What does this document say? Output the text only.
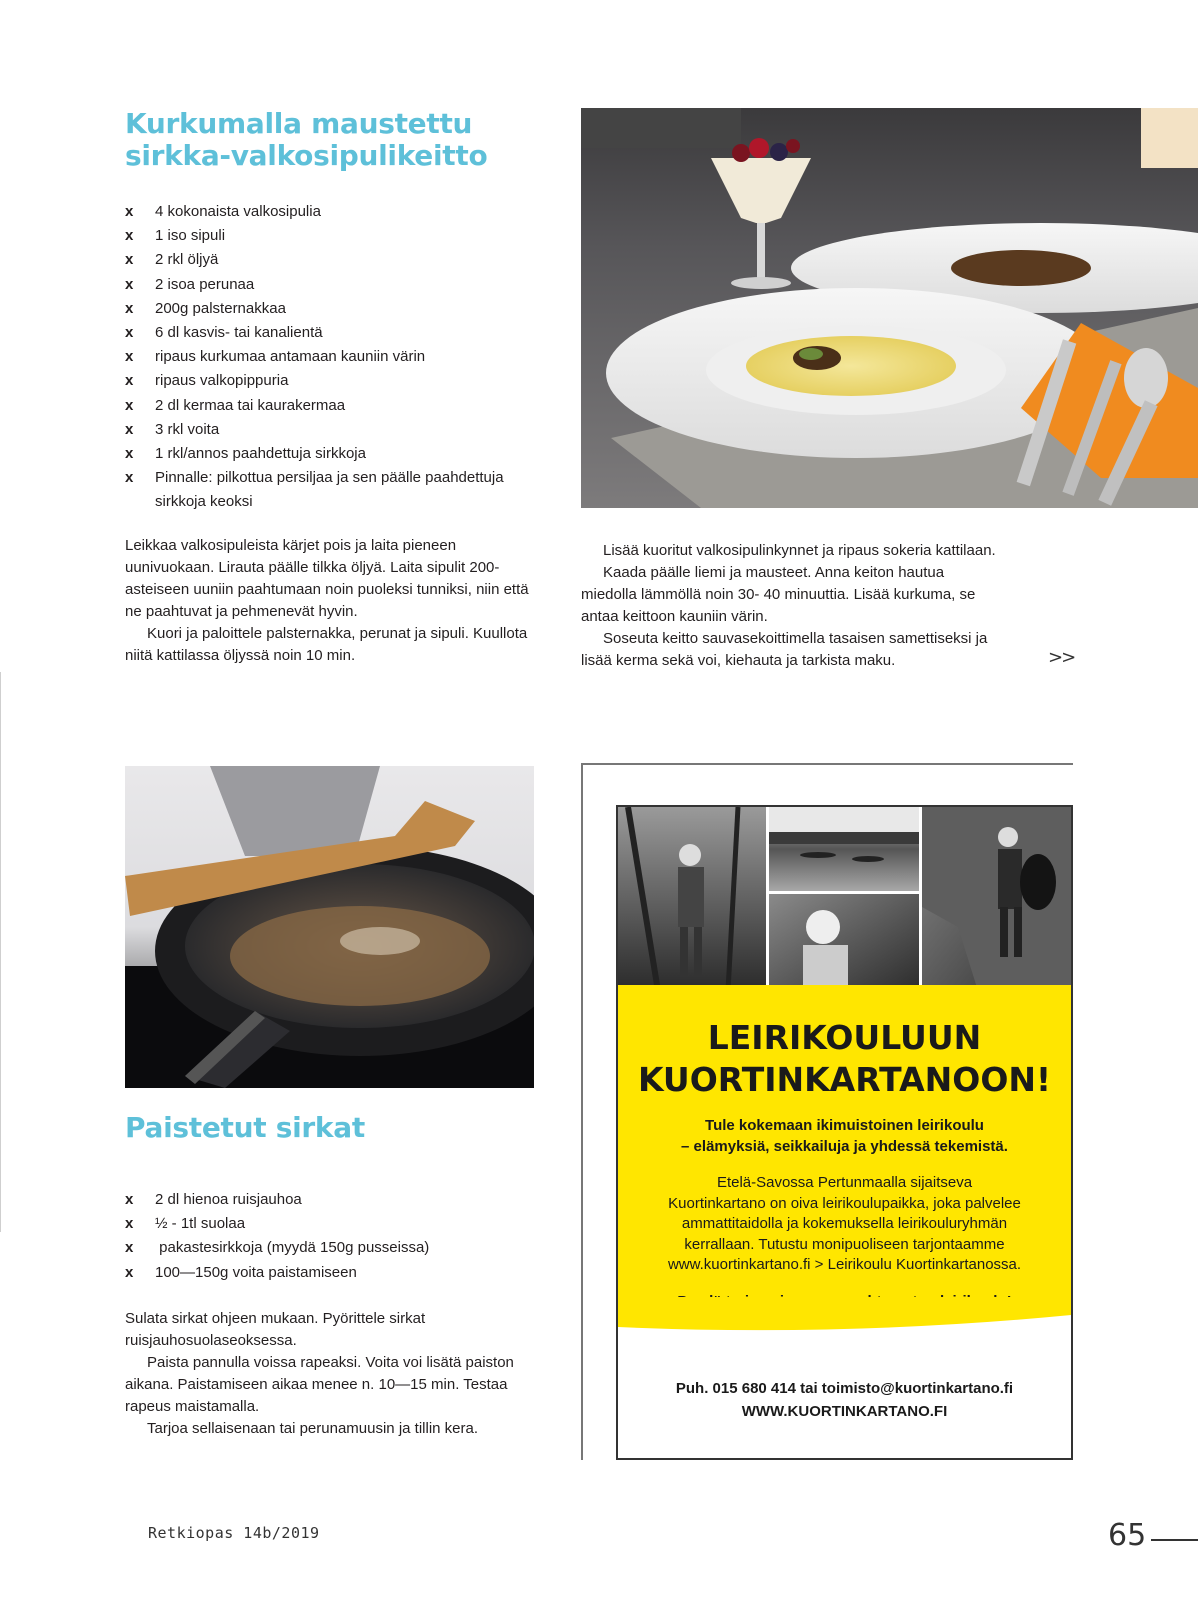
Kurkumalla maustettu
sirkka-valkosipulikeitto
x 4 kokonaista valkosipulia
x 1 iso sipuli
x 2 rkl öljyä
x 2 isoa perunaa
x 200g palsternakkaa
x 6 dl kasvis- tai kanalientä
x ripaus kurkumaa antamaan kauniin värin
x ripaus valkopippuria
x 2 dl kermaa tai kaurakermaa
x 3 rkl voita
x 1 rkl/annos paahdettuja sirkkoja
x Pinnalle: pilkottua persiljaa ja sen päälle paahdettuja sirkkoja keoksi

Leikkaa valkosipuleista kärjet pois ja laita pieneen uunivuokaan. Lirauta päälle tilkka öljyä. Laita sipulit 200-asteiseen uuniin paahtumaan noin puoleksi tunniksi, niin että ne paahtuvat ja pehmenevät hyvin.

Kuori ja paloittele palsternakka, perunat ja sipuli. Kuullota niitä kattilassa öljyssä noin 10 min.

Lisää kuoritut valkosipulinkynnet ja ripaus sokeria kattilaan.

Kaada päälle liemi ja mausteet. Anna keiton hautua miedolla lämmöllä noin 30- 40 minuuttia. Lisää kurkuma, se antaa keittoon kauniin värin.

Soseuta keitto sauvasekoittimella tasaisen samettiseksi ja lisää kerma sekä voi, kiehauta ja tarkista maku.	>>
Paistetut sirkat
x 2 dl hienoa ruisjauhoa
x ½ - 1tl suolaa
x pakastesirkkoja (myydä 150g pusseissa)
x 100—150g voita paistamiseen

Sulata sirkat ohjeen mukaan. Pyörittele sirkat ruisjauhosuolaseoksessa.

Paista pannulla voissa rapeaksi. Voita voi lisätä paiston aikana. Paistamiseen aikaa menee n. 10—15 min. Testaa rapeus maistamalla.

Tarjoa sellaisenaan tai perunamuusin ja tillin kera.

LEIRIKOULUUN
KUORTINKARTANOON!
Tule kokemaan ikimuistoinen leirikoulu
– elämyksiä, seikkailuja ja yhdessä tekemistä.
Etelä-Savossa Pertunmaalla sijaitseva
Kuortinkartano on oiva leirikoulupaikka, joka palvelee
ammattitaidolla ja kokemuksella leirikouluryhmän
kerrallaan. Tutustu monipuoliseen tarjontaamme
www.kuortinkartano.fi > Leirikoulu Kuortinkartanossa.
Puh. 015 680 414 tai toimisto@kuortinkartano.fi
WWW.KUORTINKARTANO.FI
Retkiopas 14b/2019	65
